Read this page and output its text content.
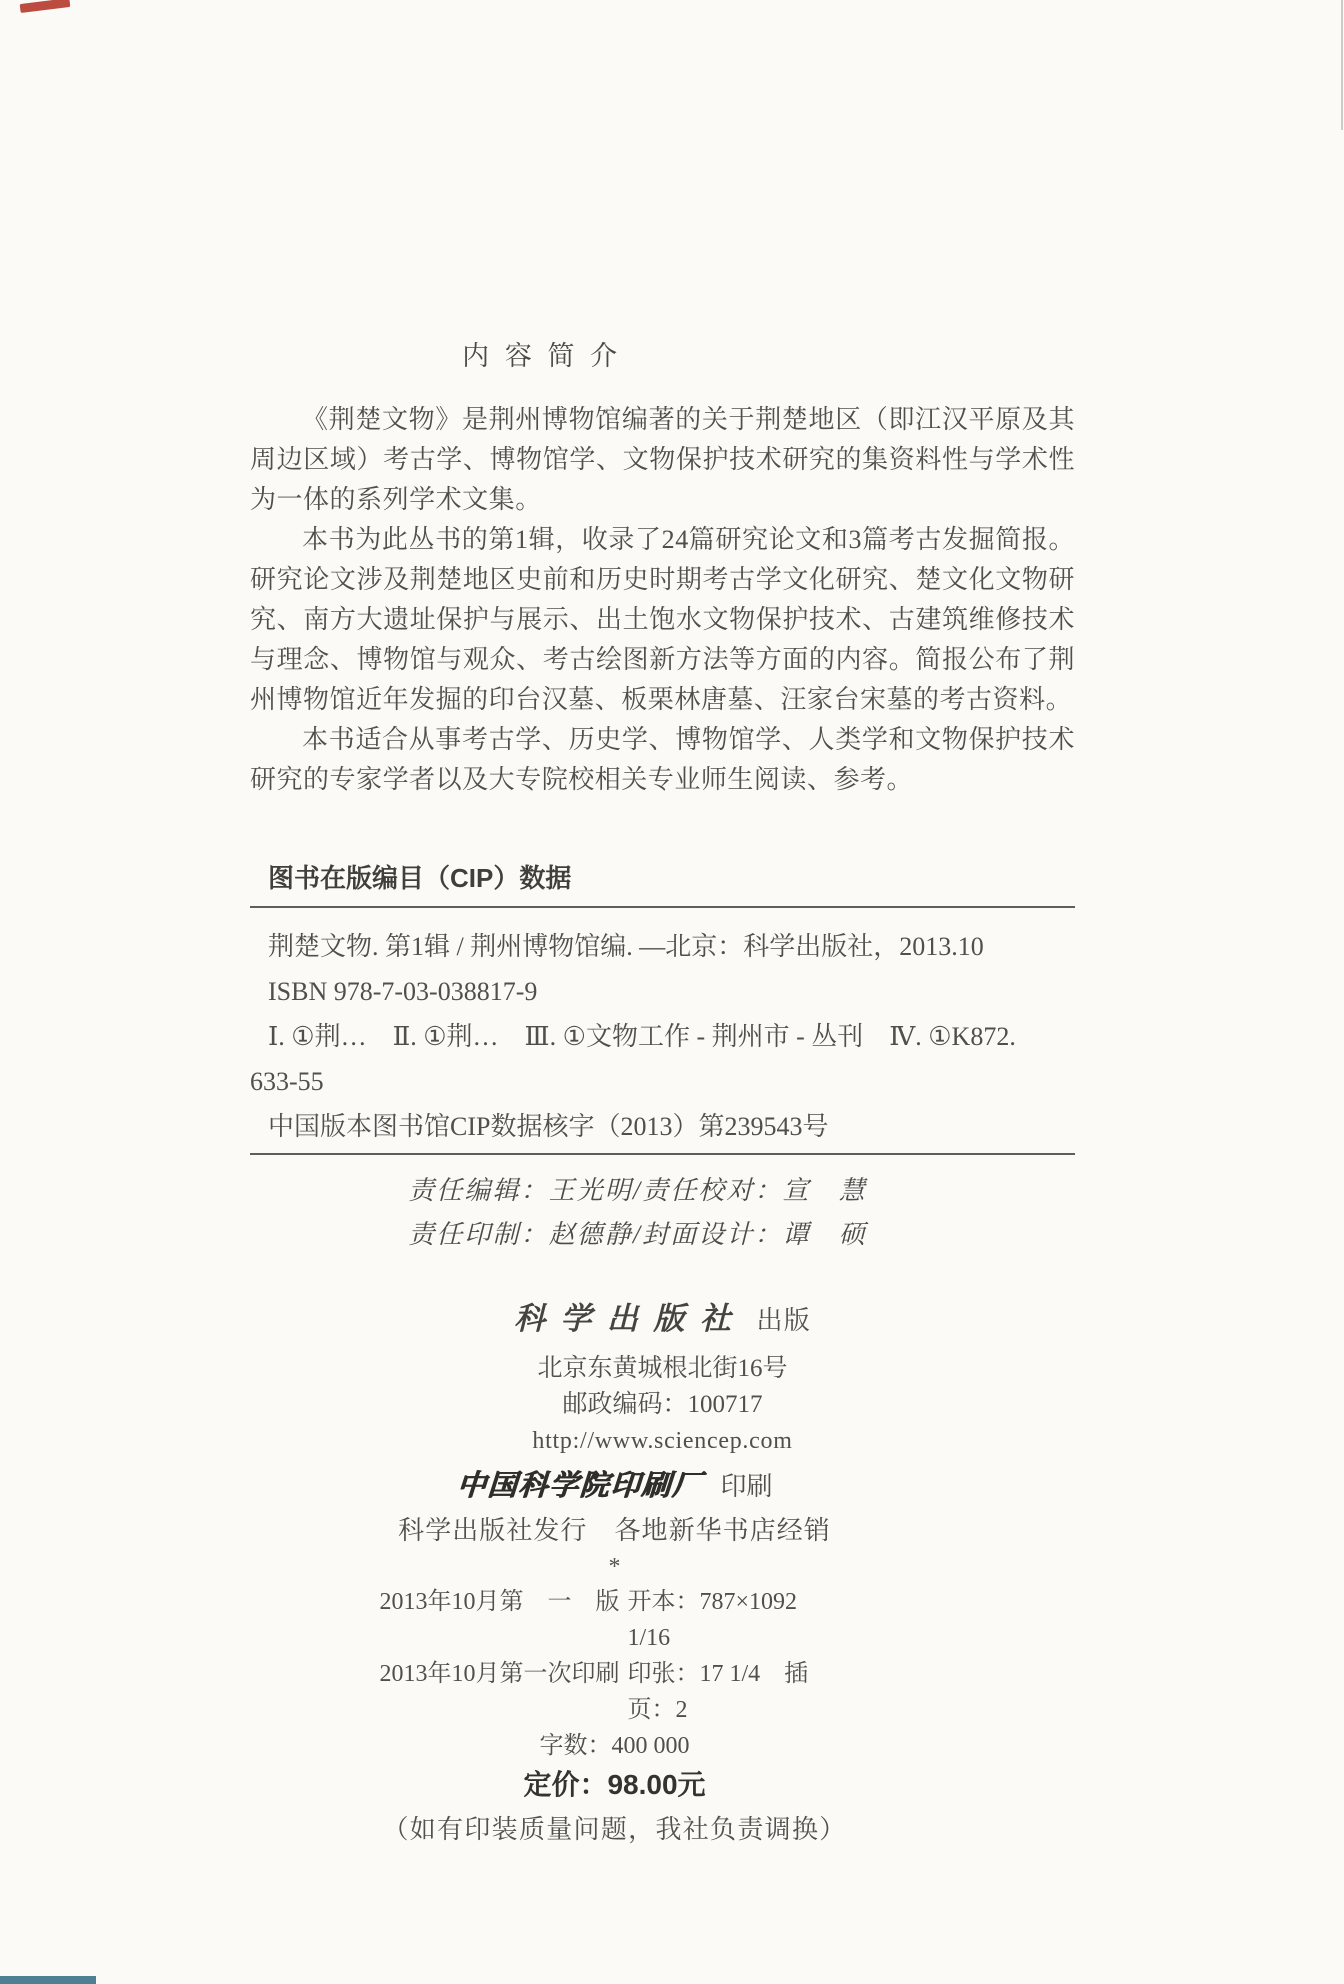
内容简介

《荆楚文物》是荆州博物馆编著的关于荆楚地区（即江汉平原及其周边区域）考古学、博物馆学、文物保护技术研究的集资料性与学术性为一体的系列学术文集。

本书为此丛书的第1辑，收录了24篇研究论文和3篇考古发掘简报。研究论文涉及荆楚地区史前和历史时期考古学文化研究、楚文化文物研究、南方大遗址保护与展示、出土饱水文物保护技术、古建筑维修技术与理念、博物馆与观众、考古绘图新方法等方面的内容。简报公布了荆州博物馆近年发掘的印台汉墓、板栗林唐墓、汪家台宋墓的考古资料。

本书适合从事考古学、历史学、博物馆学、人类学和文物保护技术研究的专家学者以及大专院校相关专业师生阅读、参考。

图书在版编目（CIP）数据

荆楚文物. 第1辑 / 荆州博物馆编. —北京：科学出版社，2013.10

ISBN 978-7-03-038817-9

Ⅰ. ①荆…　Ⅱ. ①荆…　Ⅲ. ①文物工作 - 荆州市 - 丛刊　Ⅳ. ①K872.

633-55

中国版本图书馆CIP数据核字（2013）第239543号

责任编辑：王光明/责任校对：宣　慧

责任印制：赵德静/封面设计：谭　硕

科学出版社 出版

北京东黄城根北街16号

邮政编码：100717

http://www.sciencep.com

中国科学院印刷厂 印刷

科学出版社发行　各地新华书店经销

*

2013年10月第　一　版 开本：787×1092　1/16
2013年10月第一次印刷 印张：17 1/4　插页：2

字数：400 000

定价：98.00元

（如有印装质量问题，我社负责调换）
